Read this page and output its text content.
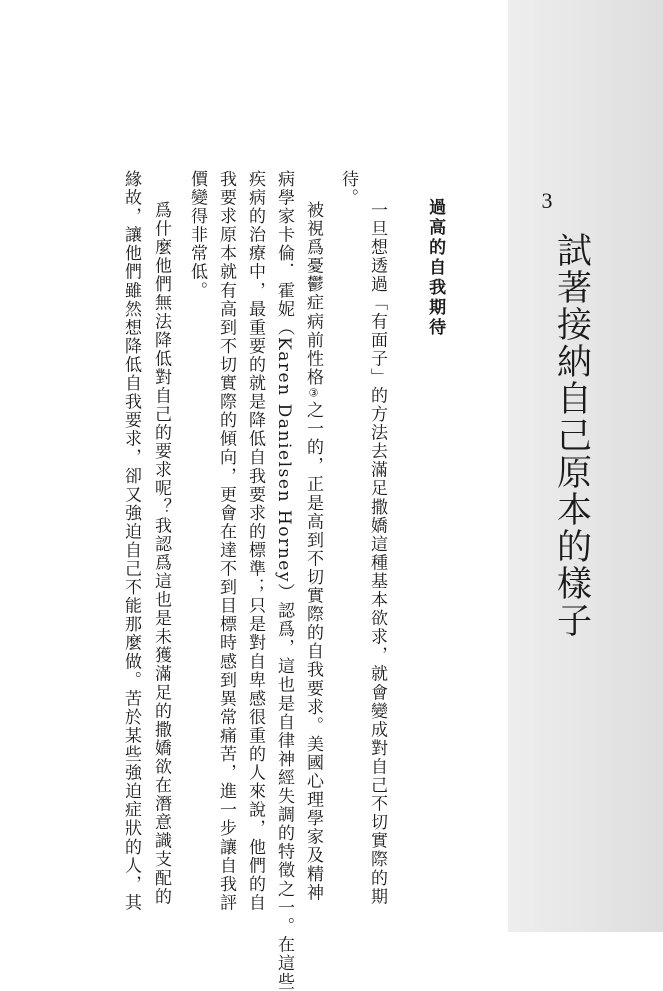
3
試著接納自己原本的樣子
過高的自我期待
一旦想透過「有面子」的方法去滿足撒嬌這種基本欲求，就會變成對自己不切實際的期
待。
被視爲憂鬱症病前性格③之一的，正是高到不切實際的自我要求。美國心理學家及精神
病學家卡倫．霍妮（Karen Danielsen Horney）認爲，這也是自律神經失調的特徵之一。在這些
疾病的治療中，最重要的就是降低自我要求的標準；只是對自卑感很重的人來說，他們的自
我要求原本就有高到不切實際的傾向，更會在達不到目標時感到異常痛苦，進一步讓自我評
價變得非常低。
爲什麼他們無法降低對自己的要求呢？我認爲這也是未獲滿足的撒嬌欲在潛意識支配的
緣故，讓他們雖然想降低自我要求，卻又強迫自己不能那麼做。苦於某些強迫症狀的人，其
